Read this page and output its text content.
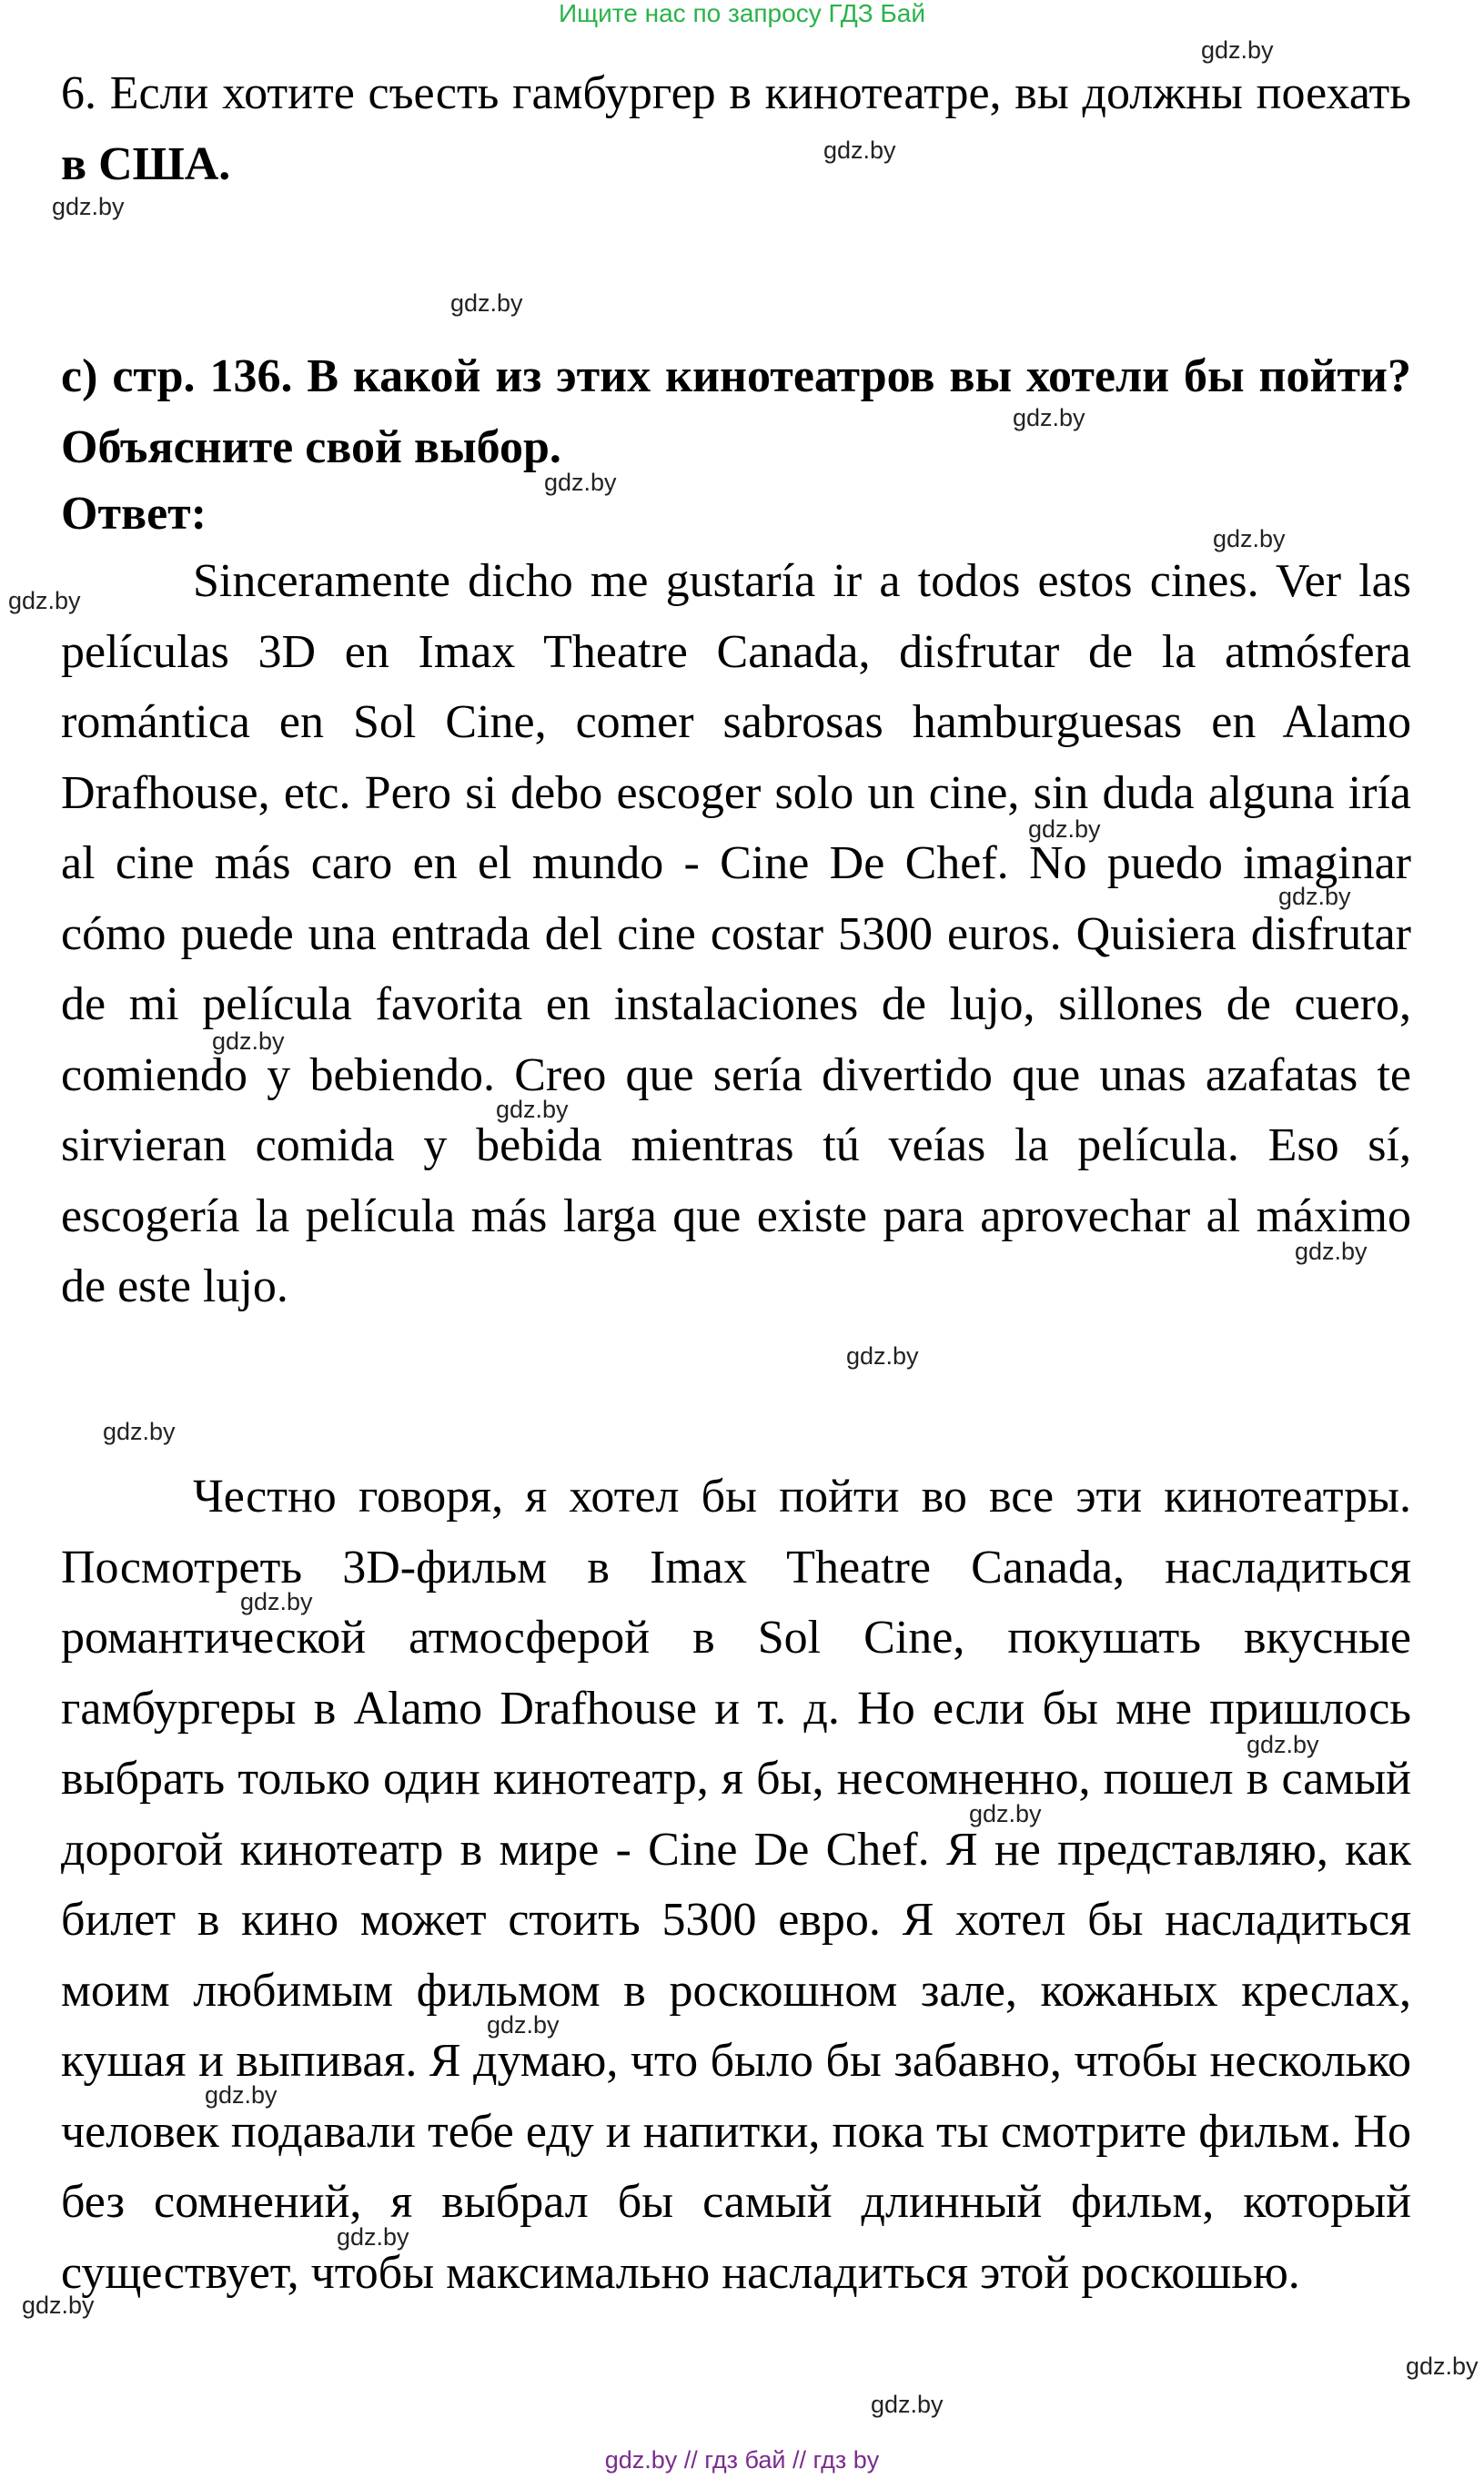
Ищите нас по запросу ГДЗ Бай
6. Если хотите съесть гамбургер в кинотеатре, вы должны поехать в США.
c) стр. 136. В какой из этих кинотеатров вы хотели бы пойти? Объясните свой выбор.
Ответ:
Sinceramente dicho me gustaría ir a todos estos cines. Ver las películas 3D en Imax Theatre Canada, disfrutar de la atmósfera romántica en Sol Cine, comer sabrosas hamburguesas en Alamo Drafhouse, etc. Pero si debo escoger solo un cine, sin duda alguna iría al cine más caro en el mundo - Cine De Chef. No puedo imaginar cómo puede una entrada del cine costar 5300 euros. Quisiera disfrutar de mi película favorita en instalaciones de lujo, sillones de cuero, comiendo y bebiendo. Creo que sería divertido que unas azafatas te sirvieran comida y bebida mientras tú veías la película. Eso sí, escogería la película más larga que existe para aprovechar al máximo de este lujo.
Честно говоря, я хотел бы пойти во все эти кинотеатры. Посмотреть 3D-фильм в Imax Theatre Canada, насладиться романтической атмосферой в Sol Cine, покушать вкусные гамбургеры в Alamo Drafhouse и т. д. Но если бы мне пришлось выбрать только один кинотеатр, я бы, несомненно, пошел в самый дорогой кинотеатр в мире - Cine De Chef. Я не представляю, как билет в кино может стоить 5300 евро. Я хотел бы насладиться моим любимым фильмом в роскошном зале, кожаных креслах, кушая и выпивая. Я думаю, что было бы забавно, чтобы несколько человек подавали тебе еду и напитки, пока ты смотрите фильм. Но без сомнений, я выбрал бы самый длинный фильм, который существует, чтобы максимально насладиться этой роскошью.
gdz.by
gdz.by
gdz.by
gdz.by
gdz.by
gdz.by
gdz.by
gdz.by
gdz.by
gdz.by
gdz.by
gdz.by
gdz.by
gdz.by
gdz.by
gdz.by
gdz.by
gdz.by
gdz.by
gdz.by
gdz.by
gdz.by
gdz.by
gdz.by
gdz.by // гдз бай // гдз by
